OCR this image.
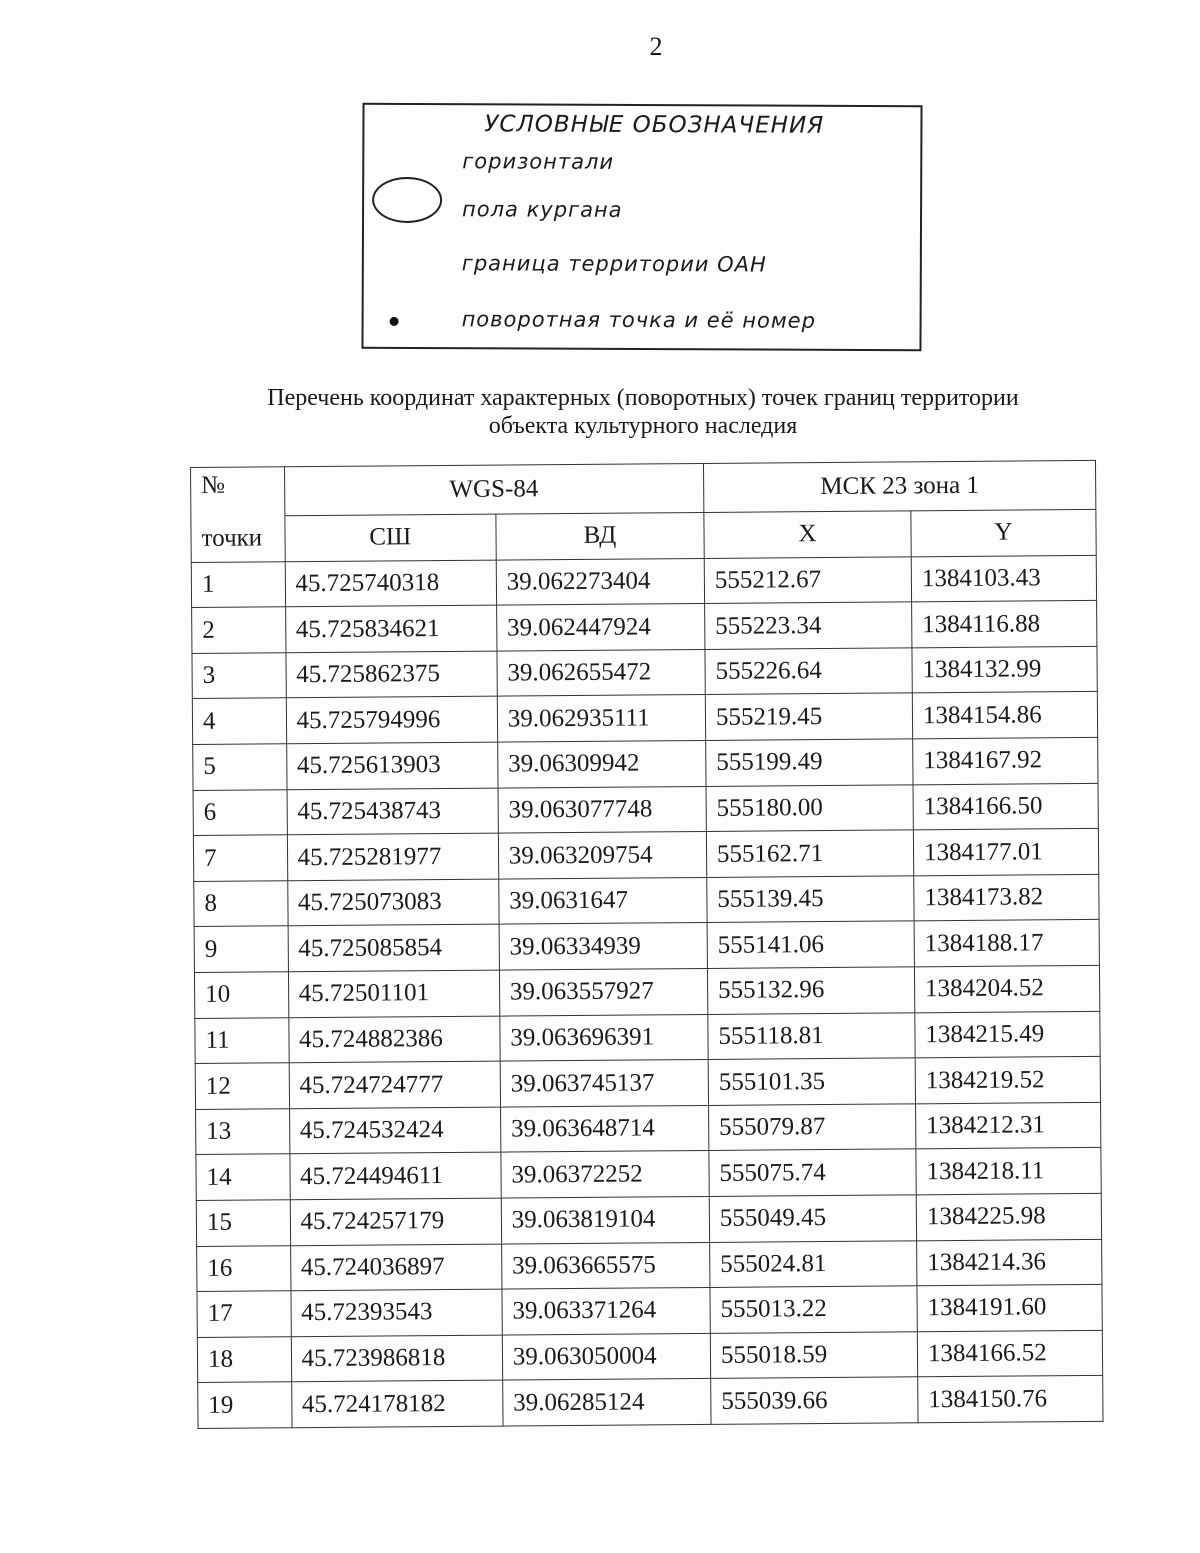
2
УСЛОВНЫЕ ОБОЗНАЧЕНИЯ
горизонтали
пола кургана
граница территории ОАН
поворотная точка и её номер
Перечень координат характерных (поворотных) точек границ территории
объекта культурного наследия
№	WGS-84		МСК 23 зона 1	
точки	СШ	ВД	X	Y
1	45.725740318	39.062273404	555212.67	1384103.43
2	45.725834621	39.062447924	555223.34	1384116.88
3	45.725862375	39.062655472	555226.64	1384132.99
4	45.725794996	39.062935111	555219.45	1384154.86
5	45.725613903	39.06309942	555199.49	1384167.92
6	45.725438743	39.063077748	555180.00	1384166.50
7	45.725281977	39.063209754	555162.71	1384177.01
8	45.725073083	39.0631647	555139.45	1384173.82
9	45.725085854	39.06334939	555141.06	1384188.17
10	45.72501101	39.063557927	555132.96	1384204.52
11	45.724882386	39.063696391	555118.81	1384215.49
12	45.724724777	39.063745137	555101.35	1384219.52
13	45.724532424	39.063648714	555079.87	1384212.31
14	45.724494611	39.06372252	555075.74	1384218.11
15	45.724257179	39.063819104	555049.45	1384225.98
16	45.724036897	39.063665575	555024.81	1384214.36
17	45.72393543	39.063371264	555013.22	1384191.60
18	45.723986818	39.063050004	555018.59	1384166.52
19	45.724178182	39.06285124	555039.66	1384150.76
